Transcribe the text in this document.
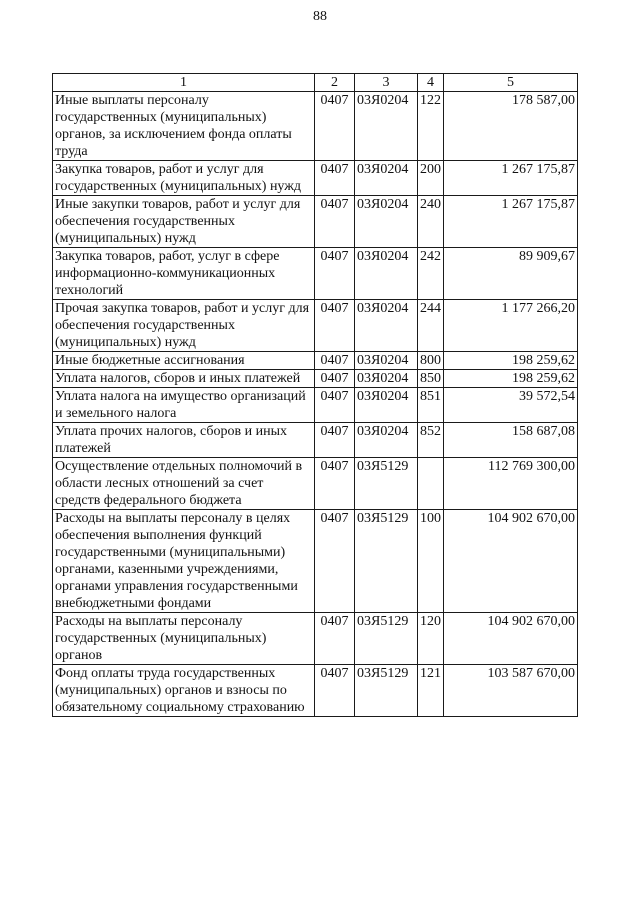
88
1	2	3	4	5
Иные выплаты персоналу государственных (муниципальных) органов, за исключением фонда оплаты труда	0407	03Я0204	122	178 587,00
Закупка товаров, работ и услуг для государственных (муниципальных) нужд	0407	03Я0204	200	1 267 175,87
Иные закупки товаров, работ и услуг для обеспечения государственных (муниципальных) нужд	0407	03Я0204	240	1 267 175,87
Закупка товаров, работ, услуг в сфере информационно-коммуникационных технологий	0407	03Я0204	242	89 909,67
Прочая закупка товаров, работ и услуг для обеспечения государственных (муниципальных) нужд	0407	03Я0204	244	1 177 266,20
Иные бюджетные ассигнования	0407	03Я0204	800	198 259,62
Уплата налогов, сборов и иных платежей	0407	03Я0204	850	198 259,62
Уплата налога на имущество организаций и земельного налога	0407	03Я0204	851	39 572,54
Уплата прочих налогов, сборов и иных платежей	0407	03Я0204	852	158 687,08
Осуществление отдельных полномочий в области лесных отношений за счет средств федерального бюджета	0407	03Я5129		112 769 300,00
Расходы на выплаты персоналу в целях обеспечения выполнения функций государственными (муниципальными) органами, казенными учреждениями, органами управления государственными внебюджетными фондами	0407	03Я5129	100	104 902 670,00
Расходы на выплаты персоналу государственных (муниципальных) органов	0407	03Я5129	120	104 902 670,00
Фонд оплаты труда государственных (муниципальных) органов и взносы по обязательному социальному страхованию	0407	03Я5129	121	103 587 670,00
